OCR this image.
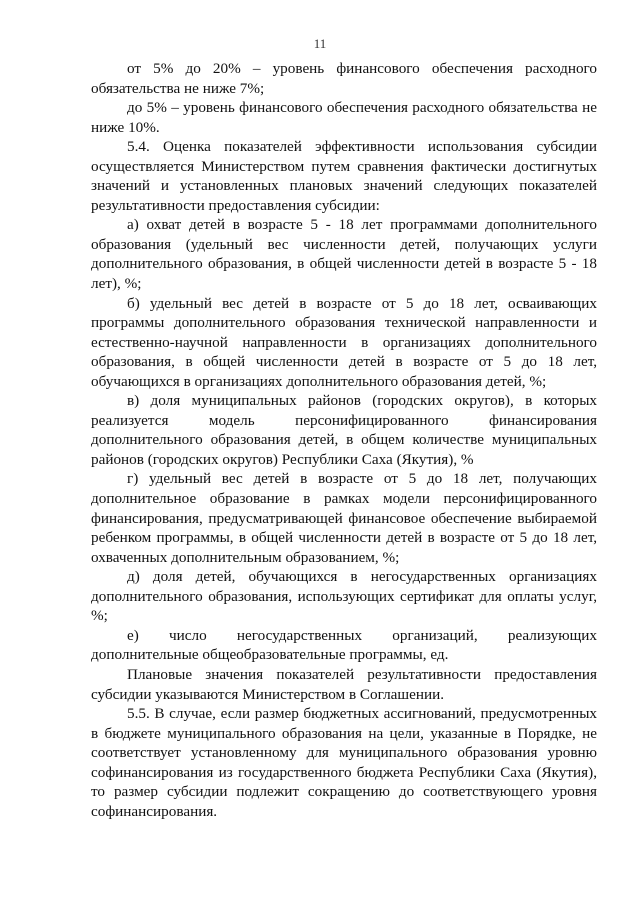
11

от 5% до 20% – уровень финансового обеспечения расходного обязательства не ниже 7%;

до 5% – уровень финансового обеспечения расходного обязательства не ниже 10%.

5.4. Оценка показателей эффективности использования субсидии осуществляется Министерством путем сравнения фактически достигнутых значений и установленных плановых значений следующих показателей результативности предоставления субсидии:

а) охват детей в возрасте 5 - 18 лет программами дополнительного образования (удельный вес численности детей, получающих услуги дополнительного образования, в общей численности детей в возрасте 5 - 18 лет), %;

б) удельный вес детей в возрасте от 5 до 18 лет, осваивающих программы дополнительного образования технической направленности и естественно-научной направленности в организациях дополнительного образования, в общей численности детей в возрасте от 5 до 18 лет, обучающихся в организациях дополнительного образования детей, %;

в) доля муниципальных районов (городских округов), в которых реализуется модель персонифицированного финансирования дополнительного образования детей, в общем количестве муниципальных районов (городских округов) Республики Саха (Якутия), %

г) удельный вес детей в возрасте от 5 до 18 лет, получающих дополнительное образование в рамках модели персонифицированного финансирования, предусматривающей финансовое обеспечение выбираемой ребенком программы, в общей численности детей в возрасте от 5 до 18 лет, охваченных дополнительным образованием, %;

д) доля детей, обучающихся в негосударственных организациях дополнительного образования, использующих сертификат для оплаты услуг, %;

е) число негосударственных организаций, реализующих дополнительные общеобразовательные программы, ед.

Плановые значения показателей результативности предоставления субсидии указываются Министерством в Соглашении.

5.5. В случае, если размер бюджетных ассигнований, предусмотренных в бюджете муниципального образования на цели, указанные в Порядке, не соответствует установленному для муниципального образования уровню софинансирования из государственного бюджета Республики Саха (Якутия), то размер субсидии подлежит сокращению до соответствующего уровня софинансирования.
